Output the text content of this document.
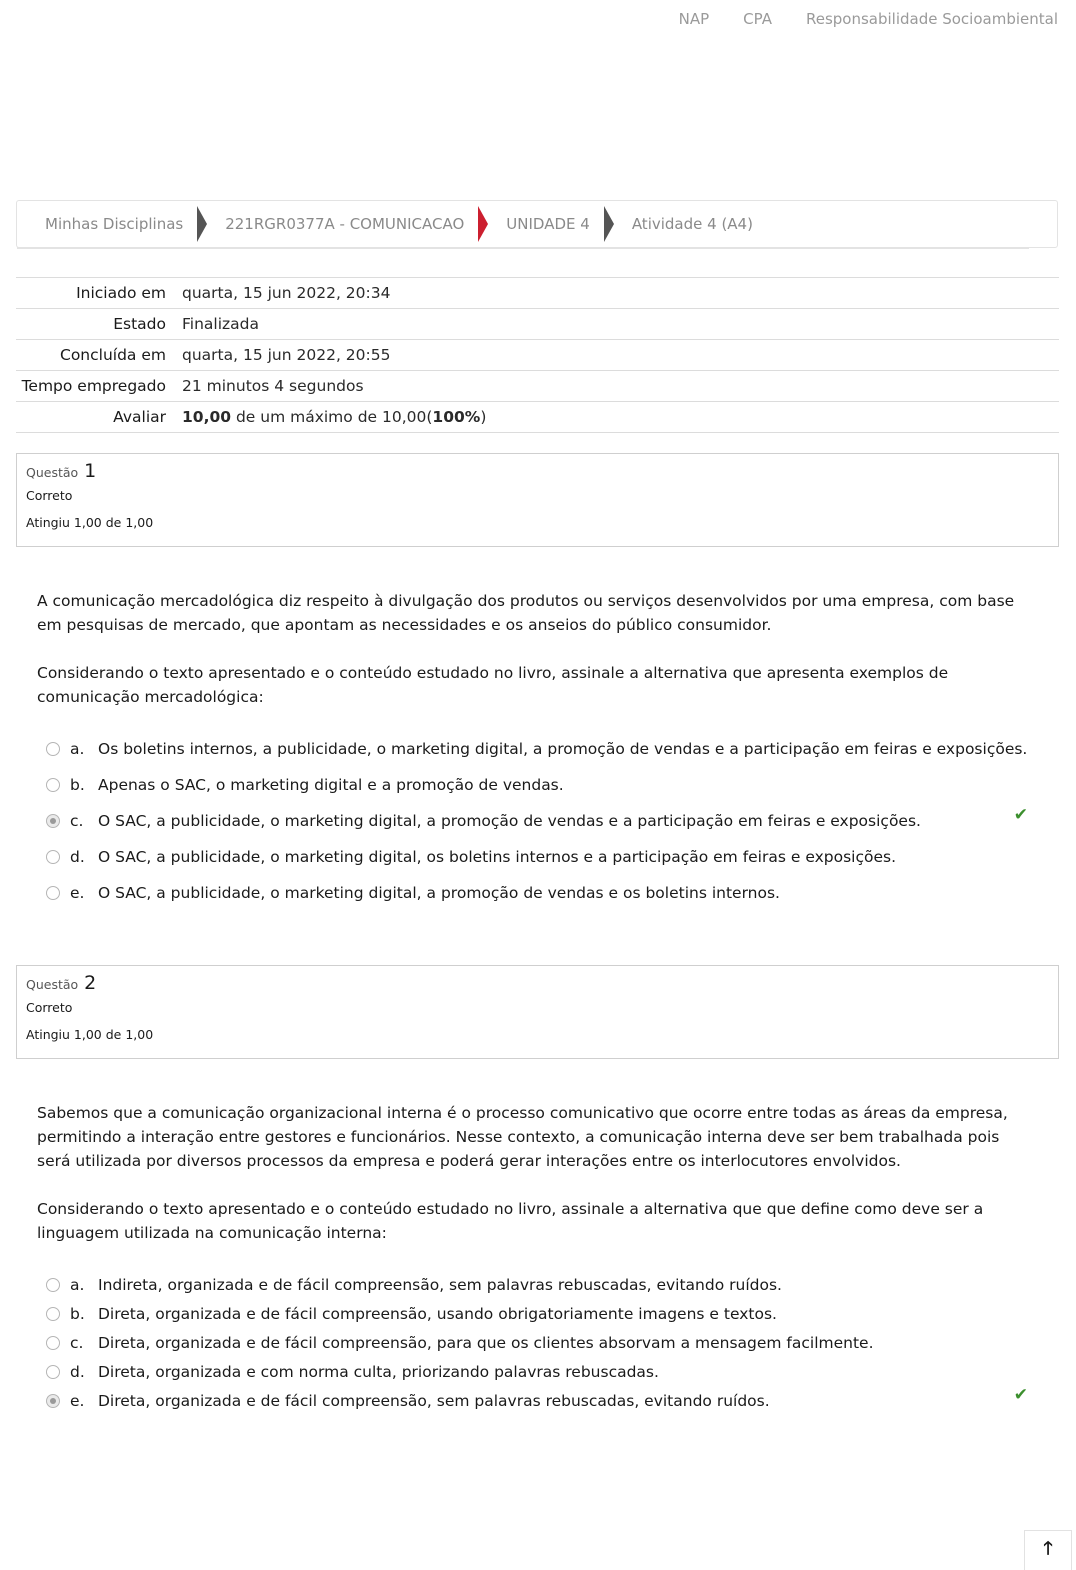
NAP CPA Responsabilidade Socioambiental
Minhas Disciplinas	221RGR0377A - COMUNICACAO	UNIDADE 4	Atividade 4 (A4)
Iniciado em	quarta, 15 jun 2022, 20:34
Estado	Finalizada
Concluída em	quarta, 15 jun 2022, 20:55
Tempo empregado	21 minutos 4 segundos
Avaliar	10,00 de um máximo de 10,00(100%)
Questão 1
Correto
Atingiu 1,00 de 1,00

A comunicação mercadológica diz respeito à divulgação dos produtos ou serviços desenvolvidos por uma empresa, com base em pesquisas de mercado, que apontam as necessidades e os anseios do público consumidor.

Considerando o texto apresentado e o conteúdo estudado no livro, assinale a alternativa que apresenta exemplos de comunicação mercadológica:

a. Os boletins internos, a publicidade, o marketing digital, a promoção de vendas e a participação em feiras e exposições.
b. Apenas o SAC, o marketing digital e a promoção de vendas.
c. O SAC, a publicidade, o marketing digital, a promoção de vendas e a participação em feiras e exposições.	✔
d. O SAC, a publicidade, o marketing digital, os boletins internos e a participação em feiras e exposições.
e. O SAC, a publicidade, o marketing digital, a promoção de vendas e os boletins internos.
Questão 2
Correto
Atingiu 1,00 de 1,00

Sabemos que a comunicação organizacional interna é o processo comunicativo que ocorre entre todas as áreas da empresa, permitindo a interação entre gestores e funcionários. Nesse contexto, a comunicação interna deve ser bem trabalhada pois será utilizada por diversos processos da empresa e poderá gerar interações entre os interlocutores envolvidos.

Considerando o texto apresentado e o conteúdo estudado no livro, assinale a alternativa que que define como deve ser a linguagem utilizada na comunicação interna:

a. Indireta, organizada e de fácil compreensão, sem palavras rebuscadas, evitando ruídos.
b. Direta, organizada e de fácil compreensão, usando obrigatoriamente imagens e textos.
c. Direta, organizada e de fácil compreensão, para que os clientes absorvam a mensagem facilmente.
d. Direta, organizada e com norma culta, priorizando palavras rebuscadas.
e. Direta, organizada e de fácil compreensão, sem palavras rebuscadas, evitando ruídos.	✔
🡑
